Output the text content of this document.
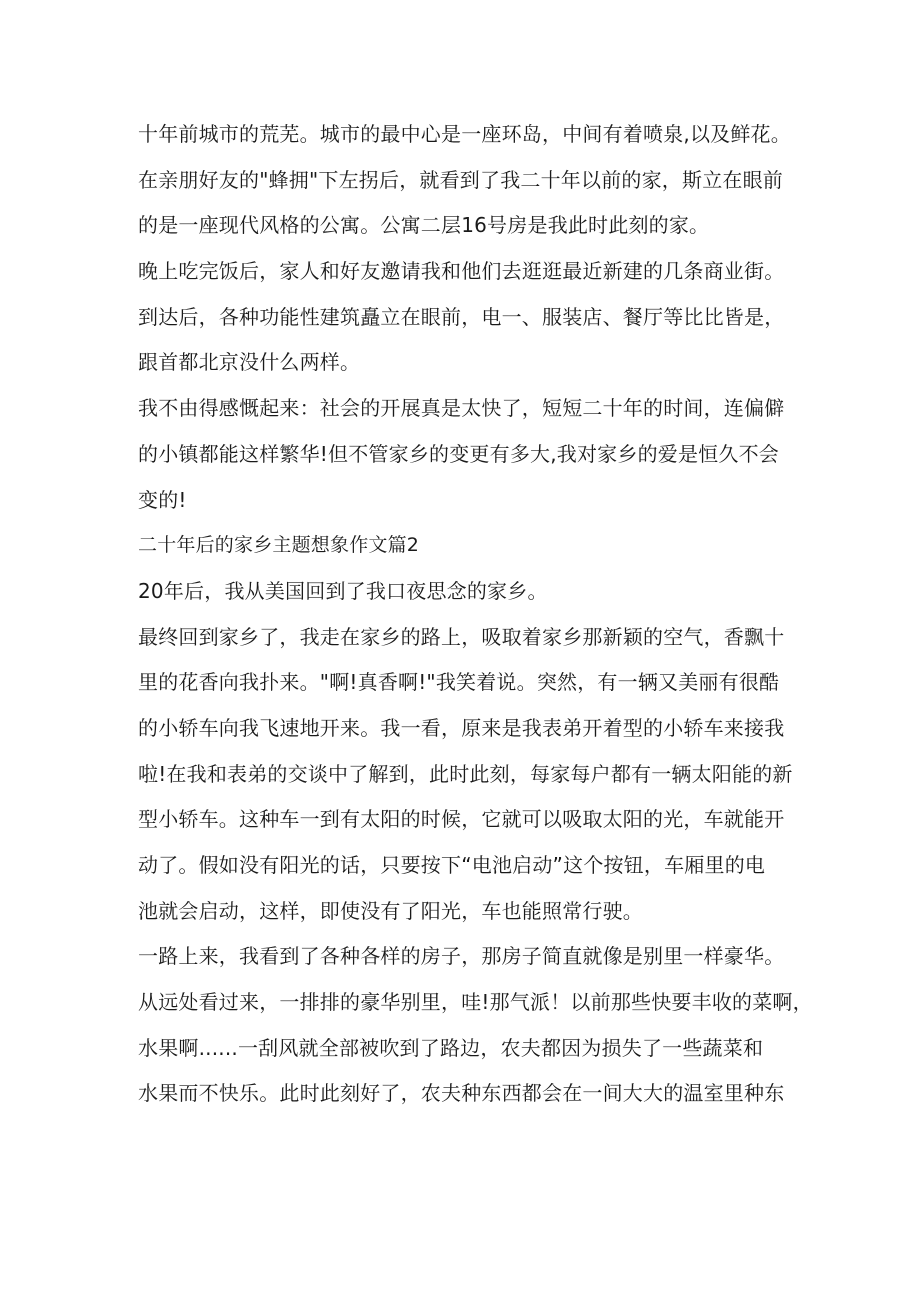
十年前城市的荒芜。城市的最中心是一座环岛，中间有着喷泉,以及鲜花。
在亲朋好友的"蜂拥"下左拐后，就看到了我二十年以前的家，斯立在眼前
的是一座现代风格的公寓。公寓二层16号房是我此时此刻的家。
晚上吃完饭后，家人和好友邀请我和他们去逛逛最近新建的几条商业街。
到达后，各种功能性建筑矗立在眼前，电一、服装店、餐厅等比比皆是，
跟首都北京没什么两样。
我不由得感慨起来：社会的开展真是太快了，短短二十年的时间，连偏僻
的小镇都能这样繁华!但不管家乡的变更有多大,我对家乡的爱是恒久不会
变的!
二十年后的家乡主题想象作文篇2
20年后，我从美国回到了我口夜思念的家乡。
最终回到家乡了，我走在家乡的路上，吸取着家乡那新颖的空气，香飘十
里的花香向我扑来。"啊!真香啊!"我笑着说。突然，有一辆又美丽有很酷
的小轿车向我飞速地开来。我一看，原来是我表弟开着型的小轿车来接我
啦!在我和表弟的交谈中了解到，此时此刻，每家每户都有一辆太阳能的新
型小轿车。这种车一到有太阳的时候，它就可以吸取太阳的光，车就能开
动了。假如没有阳光的话，只要按下“电池启动”这个按钮，车厢里的电
池就会启动，这样，即使没有了阳光，车也能照常行驶。
一路上来，我看到了各种各样的房子，那房子简直就像是别里一样豪华。
从远处看过来，一排排的豪华别里，哇!那气派！以前那些快要丰收的菜啊，
水果啊......一刮风就全部被吹到了路边，农夫都因为损失了一些蔬菜和
水果而不快乐。此时此刻好了，农夫种东西都会在一间大大的温室里种东
